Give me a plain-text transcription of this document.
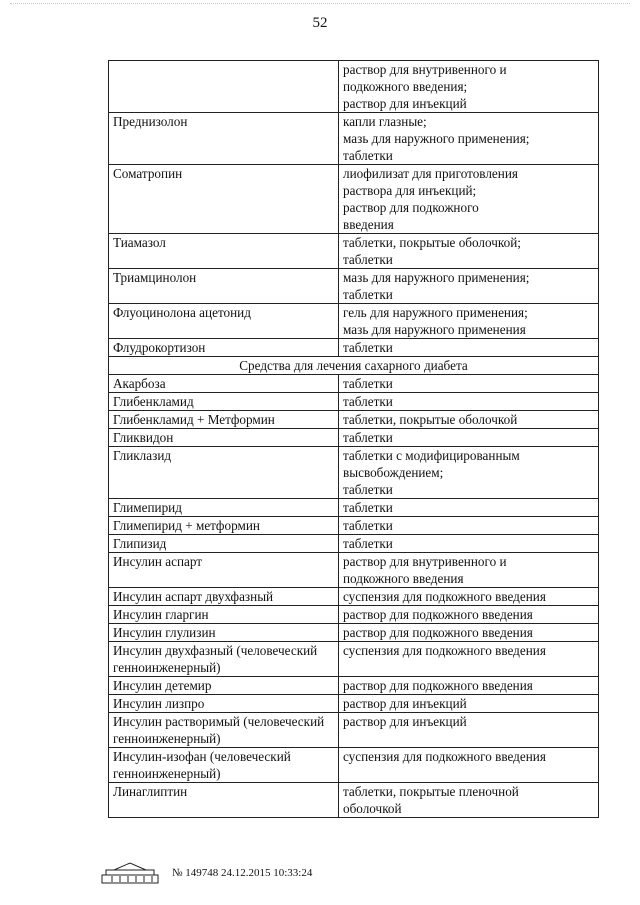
52

	раствор для внутривенного и
подкожного введения;
раствор для инъекций

Преднизолон	капли глазные;
мазь для наружного применения;
таблетки

Соматропин	лиофилизат для приготовления
раствора для инъекций;
раствор для подкожного
введения

Тиамазол	таблетки, покрытые оболочкой;
таблетки

Триамцинолон	мазь для наружного применения;
таблетки

Флуоцинолона ацетонид	гель для наружного применения;
мазь для наружного применения

Флудрокортизон	таблетки

Средства для лечения сахарного диабета	
Акарбоза	таблетки

Глибенкламид	таблетки

Глибенкламид + Метформин	таблетки, покрытые оболочкой

Гликвидон	таблетки

Гликлазид	таблетки с модифицированным
высвобождением;
таблетки

Глимепирид	таблетки

Глимепирид + метформин	таблетки

Глипизид	таблетки

Инсулин аспарт	раствор для внутривенного и
подкожного введения

Инсулин аспарт двухфазный	суспензия для подкожного введения

Инсулин гларгин	раствор для подкожного введения

Инсулин глулизин	раствор для подкожного введения

Инсулин двухфазный (человеческий генноинженерный)	суспензия для подкожного введения

Инсулин детемир	раствор для подкожного введения

Инсулин лизпро	раствор для инъекций

Инсулин растворимый (человеческий генноинженерный)	раствор для инъекций

Инсулин-изофан (человеческий генноинженерный)	суспензия для подкожного введения

Линаглиптин	таблетки, покрытые пленочной
оболочкой
№ 149748 24.12.2015 10:33:24
